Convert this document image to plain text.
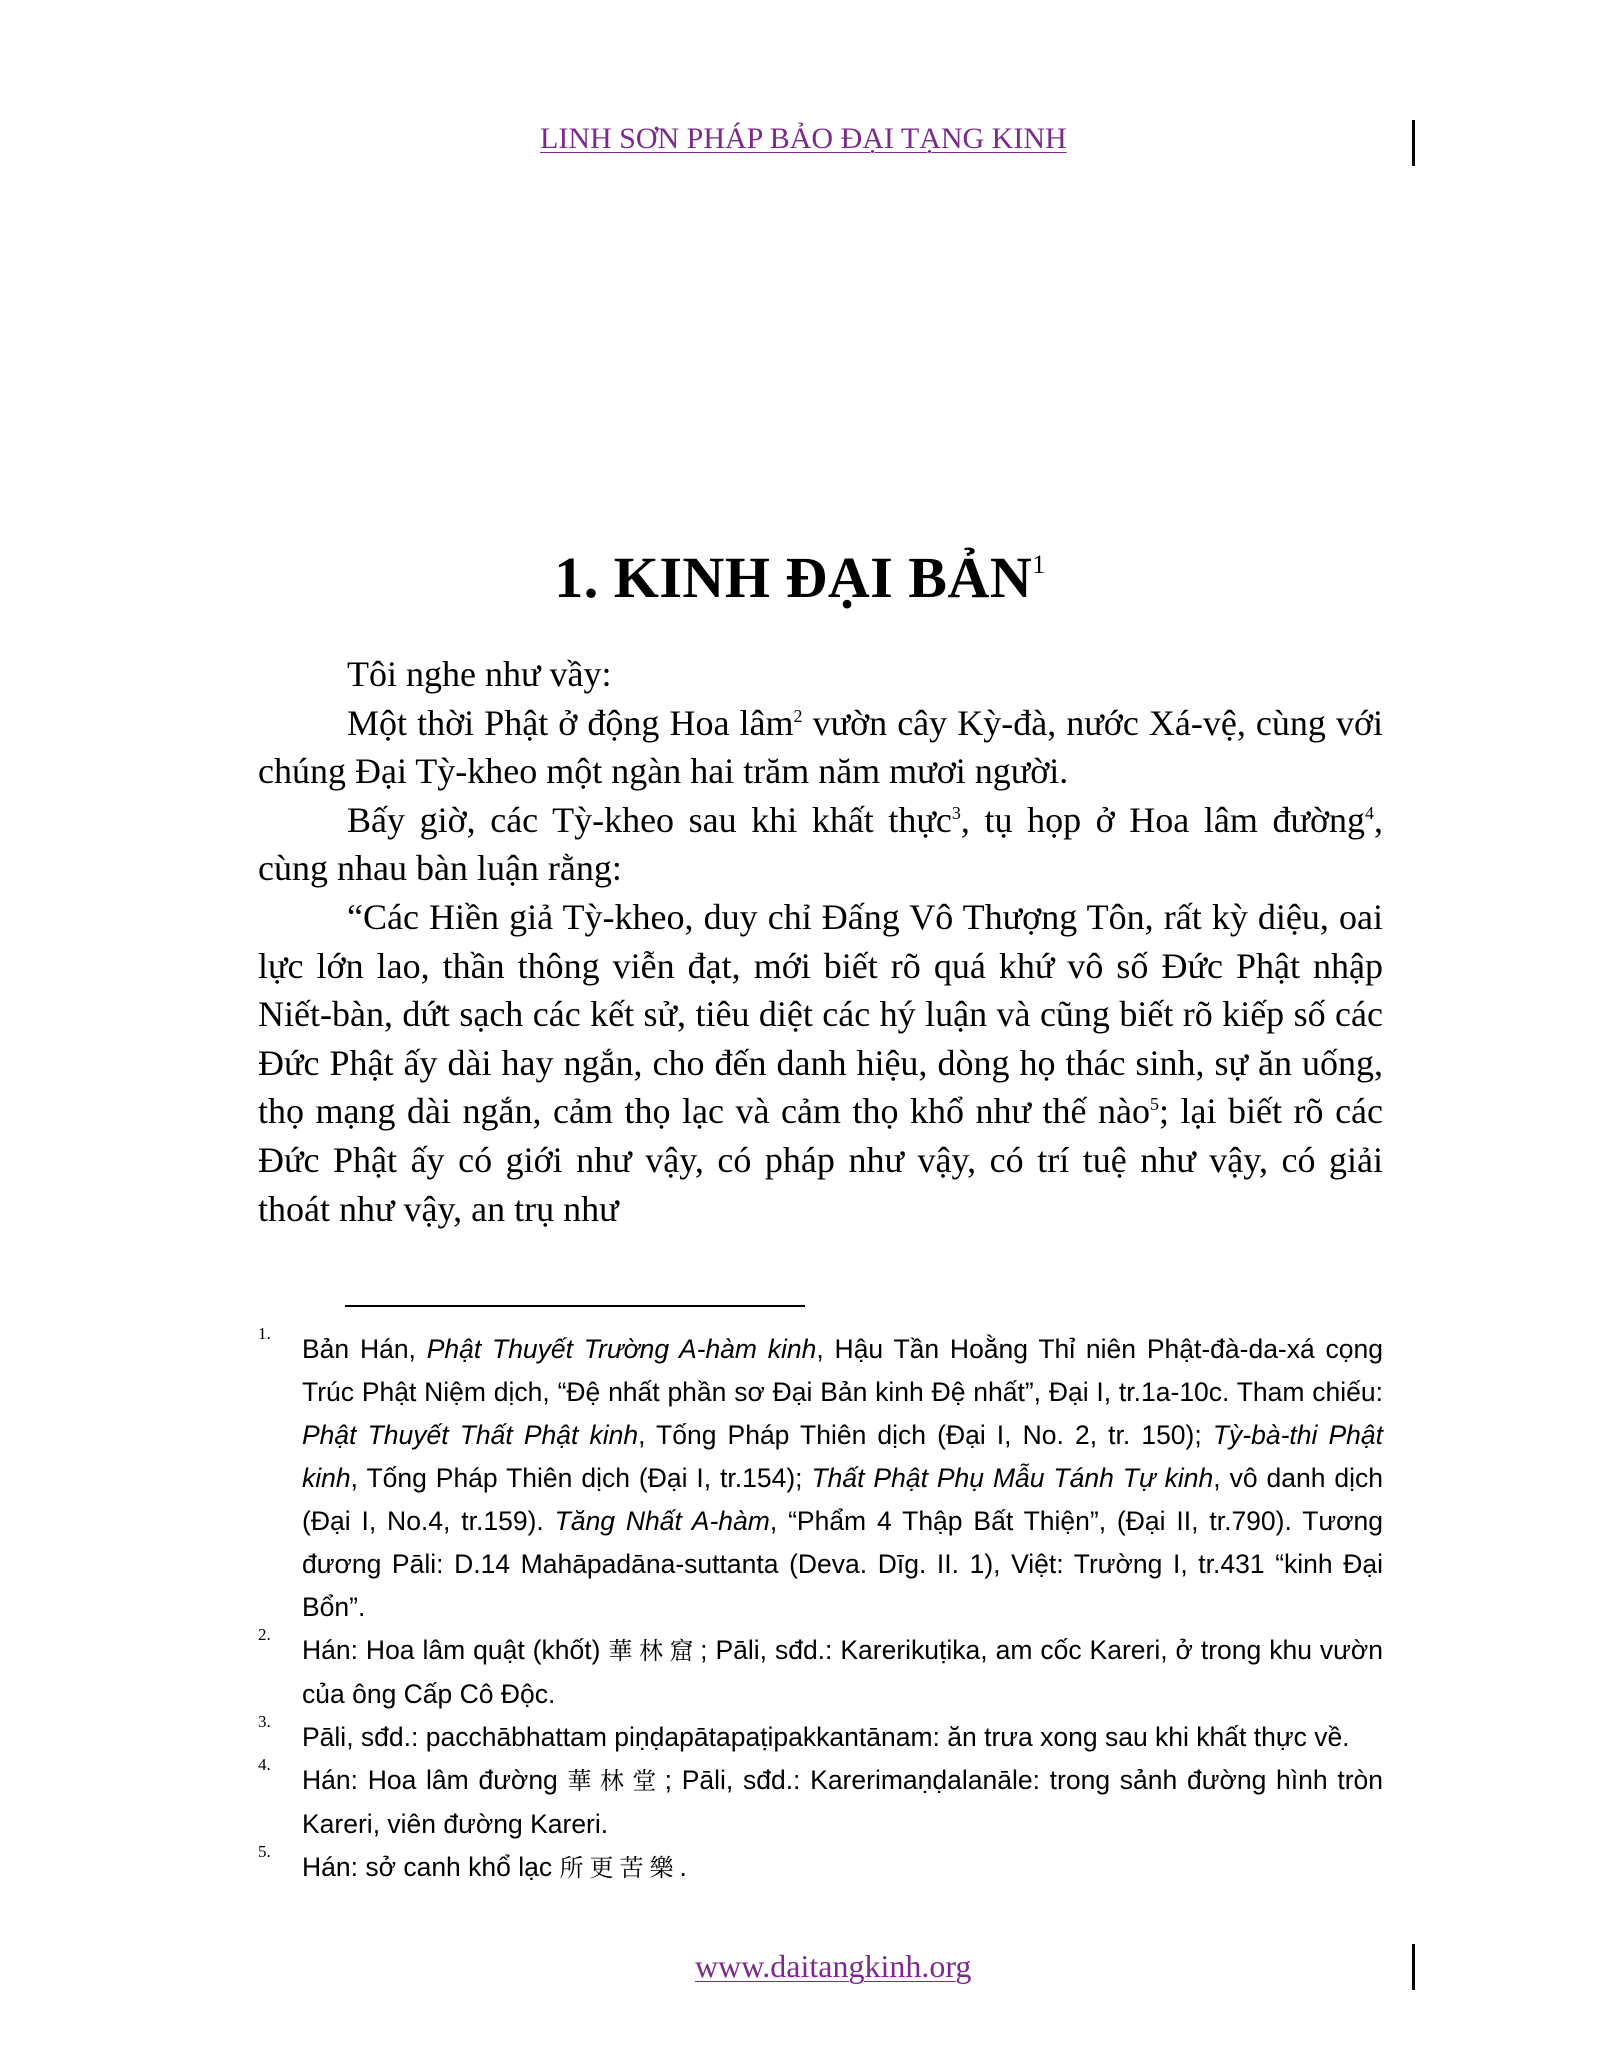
LINH SƠN PHÁP BẢO ĐẠI TẠNG KINH
1. KINH ĐẠI BẢN$^1$

Tôi nghe như vầy:

Một thời Phật ở động Hoa lâm$^2$ vườn cây Kỳ-đà, nước Xá-vệ, cùng với chúng Đại Tỳ-kheo một ngàn hai trăm năm mươi người.

Bấy giờ, các Tỳ-kheo sau khi khất thực$^3$, tụ họp ở Hoa lâm đường$^4$, cùng nhau bàn luận rằng:

“Các Hiền giả Tỳ-kheo, duy chỉ Đấng Vô Thượng Tôn, rất kỳ diệu, oai lực lớn lao, thần thông viễn đạt, mới biết rõ quá khứ vô số Đức Phật nhập Niết-bàn, dứt sạch các kết sử, tiêu diệt các hý luận và cũng biết rõ kiếp số các Đức Phật ấy dài hay ngắn, cho đến danh hiệu, dòng họ thác sinh, sự ăn uống, thọ mạng dài ngắn, cảm thọ lạc và cảm thọ khổ như thế nào$^5$; lại biết rõ các Đức Phật ấy có giới như vậy, có pháp như vậy, có trí tuệ như vậy, có giải thoát như vậy, an trụ như

1.
Bản Hán, Phật Thuyết Trường A-hàm kinh, Hậu Tần Hoằng Thỉ niên Phật-đà-da-xá cọng Trúc Phật Niệm dịch, “Đệ nhất phần sơ Đại Bản kinh Đệ nhất”, Đại I, tr.1a-10c. Tham chiếu: Phật Thuyết Thất Phật kinh, Tống Pháp Thiên dịch (Đại I, No. 2, tr. 150); Tỳ-bà-thi Phật kinh, Tống Pháp Thiên dịch (Đại I, tr.154); Thất Phật Phụ Mẫu Tánh Tự kinh, vô danh dịch (Đại I, No.4, tr.159). Tăng Nhất A-hàm, “Phẩm 4 Thập Bất Thiện”, (Đại II, tr.790). Tương đương Pāli: D.14 Mahāpadāna-suttanta (Deva. Dīg. II. 1), Việt: Trường I, tr.431 “kinh Đại Bổn”.
2.
Hán: Hoa lâm quật (khốt) 華林窟; Pāli, sđd.: Karerikuṭika, am cốc Kareri, ở trong khu vườn của ông Cấp Cô Độc.
3.
Pāli, sđd.: pacchābhattam piṇḍapātapaṭipakkantānam: ăn trưa xong sau khi khất thực về.
4.
Hán: Hoa lâm đường 華林堂; Pāli, sđd.: Karerimaṇḍalanāle: trong sảnh đường hình tròn Kareri, viên đường Kareri.
5.
Hán: sở canh khổ lạc 所更苦樂.
www.daitangkinh.org
